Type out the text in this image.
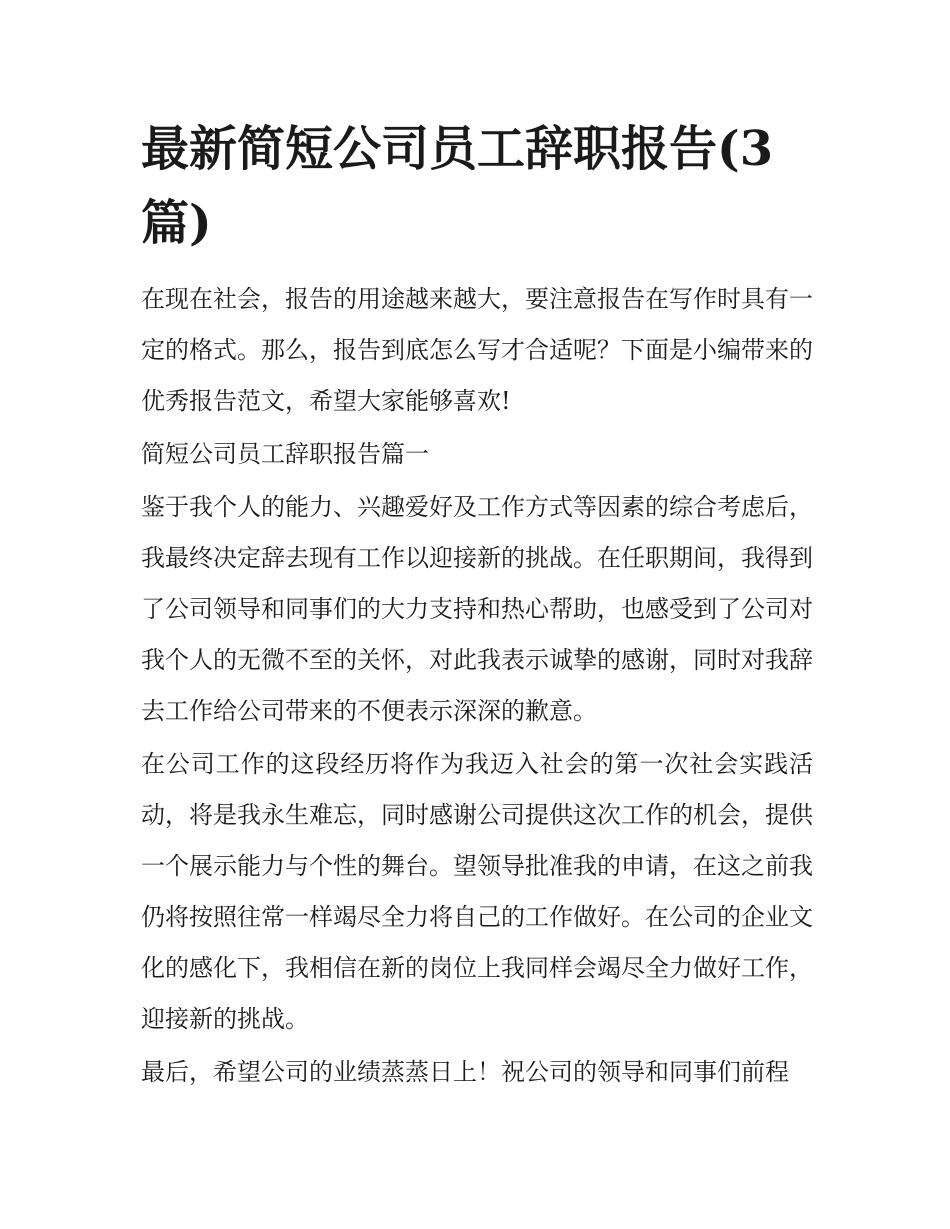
最新简短公司员工辞职报告(3篇)

在现在社会，报告的用途越来越大，要注意报告在写作时具有一定的格式。那么，报告到底怎么写才合适呢？下面是小编带来的优秀报告范文，希望大家能够喜欢!

简短公司员工辞职报告篇一

鉴于我个人的能力、兴趣爱好及工作方式等因素的综合考虑后，我最终决定辞去现有工作以迎接新的挑战。在任职期间，我得到了公司领导和同事们的大力支持和热心帮助，也感受到了公司对我个人的无微不至的关怀，对此我表示诚挚的感谢，同时对我辞去工作给公司带来的不便表示深深的歉意。

在公司工作的这段经历将作为我迈入社会的第一次社会实践活动，将是我永生难忘，同时感谢公司提供这次工作的机会，提供一个展示能力与个性的舞台。望领导批准我的申请，在这之前我仍将按照往常一样竭尽全力将自己的工作做好。在公司的企业文化的感化下，我相信在新的岗位上我同样会竭尽全力做好工作，迎接新的挑战。

最后，希望公司的业绩蒸蒸日上！祝公司的领导和同事们前程
